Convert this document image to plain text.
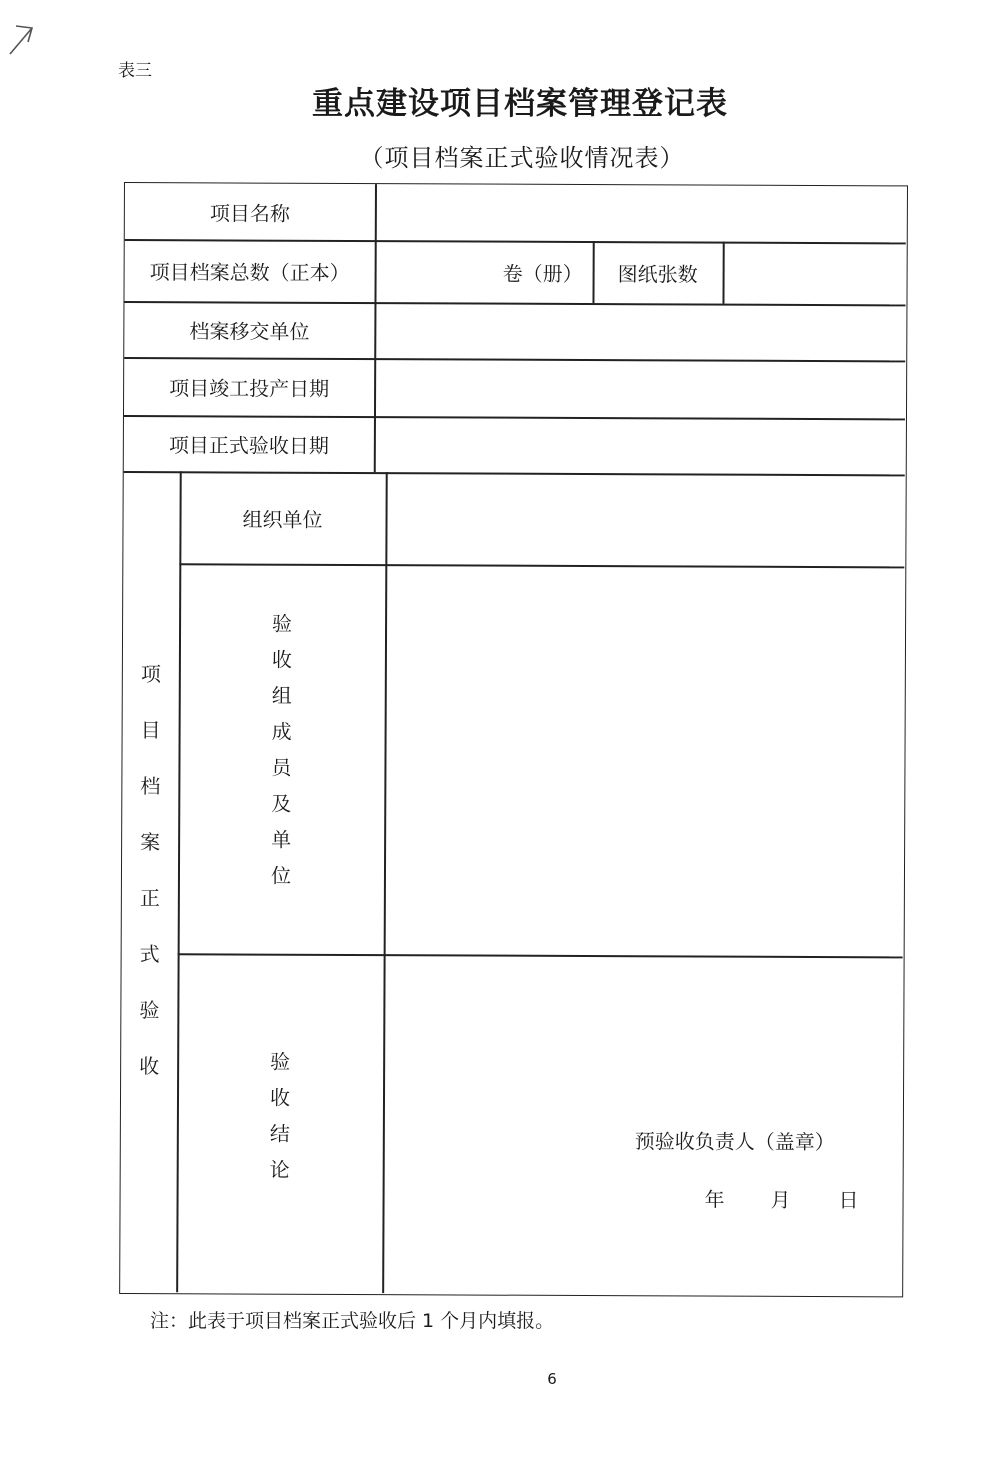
表三
重点建设项目档案管理登记表
（项目档案正式验收情况表）
项目名称
项目档案总数（正本）	卷（册）	图纸张数
档案移交单位
项目竣工投产日期
项目正式验收日期
项
目
档
案
正
式
验
收
组织单位
验
收
组
成
员
及
单
位
验
收
结
论
预验收负责人（盖章）
年 月 日
注：此表于项目档案正式验收后 1 个月内填报。
6
